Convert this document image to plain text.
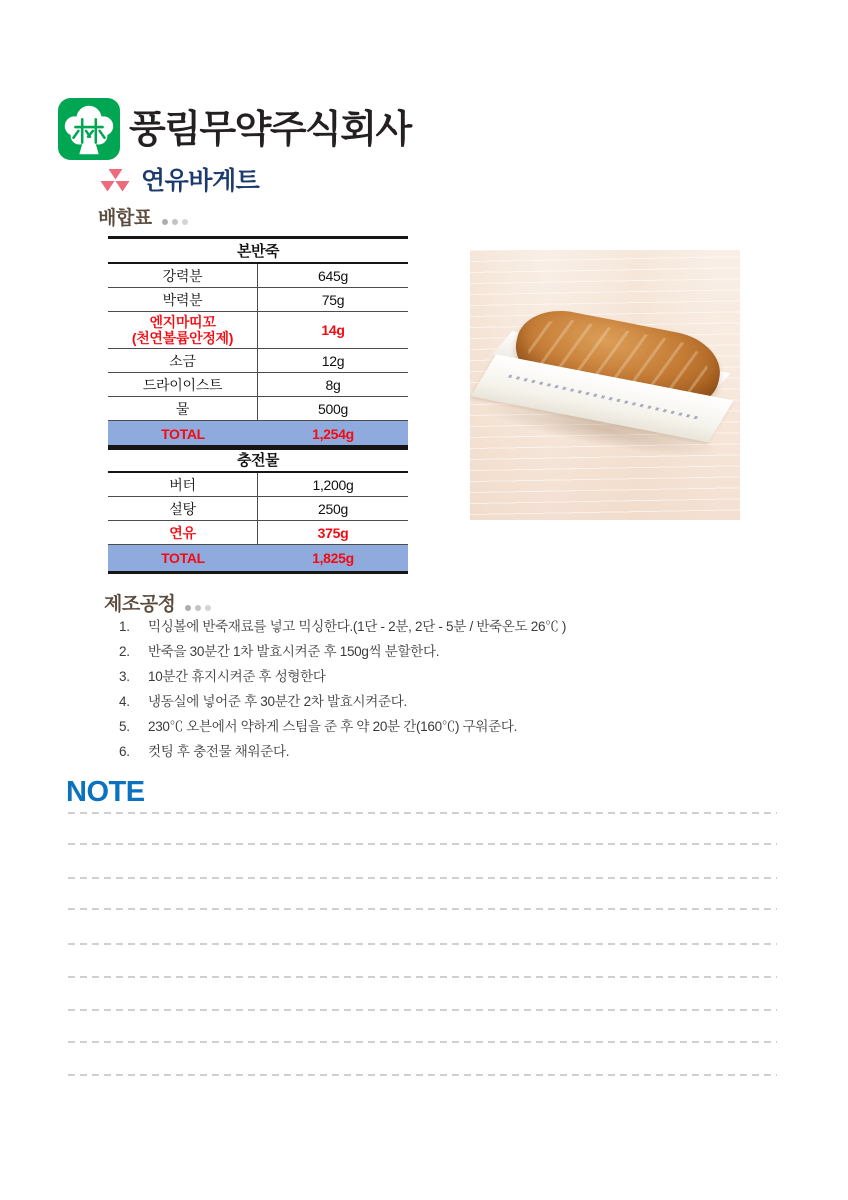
풍림무약주식회사
연유바게트
배합표
본반죽
강력분	645g
박력분	75g
엔지마띠꼬
(천연볼륨안정제)	14g
소금	12g
드라이이스트	8g
물	500g
TOTAL	1,254g
충전물
버터	1,200g
설탕	250g
연유	375g
TOTAL	1,825g
제조공정
1.	믹싱볼에 반죽재료를 넣고 믹싱한다.(1단 - 2분, 2단 - 5분 / 반죽온도 26℃ )
2.	반죽을 30분간 1차 발효시켜준 후 150g씩 분할한다.
3.	10분간 휴지시켜준 후 성형한다
4.	냉동실에 넣어준 후 30분간 2차 발효시켜준다.
5.	230℃ 오븐에서 약하게 스팀을 준 후 약 20분 간(160℃) 구워준다.
6.	컷팅 후 충전물 채워준다.
NOTE
